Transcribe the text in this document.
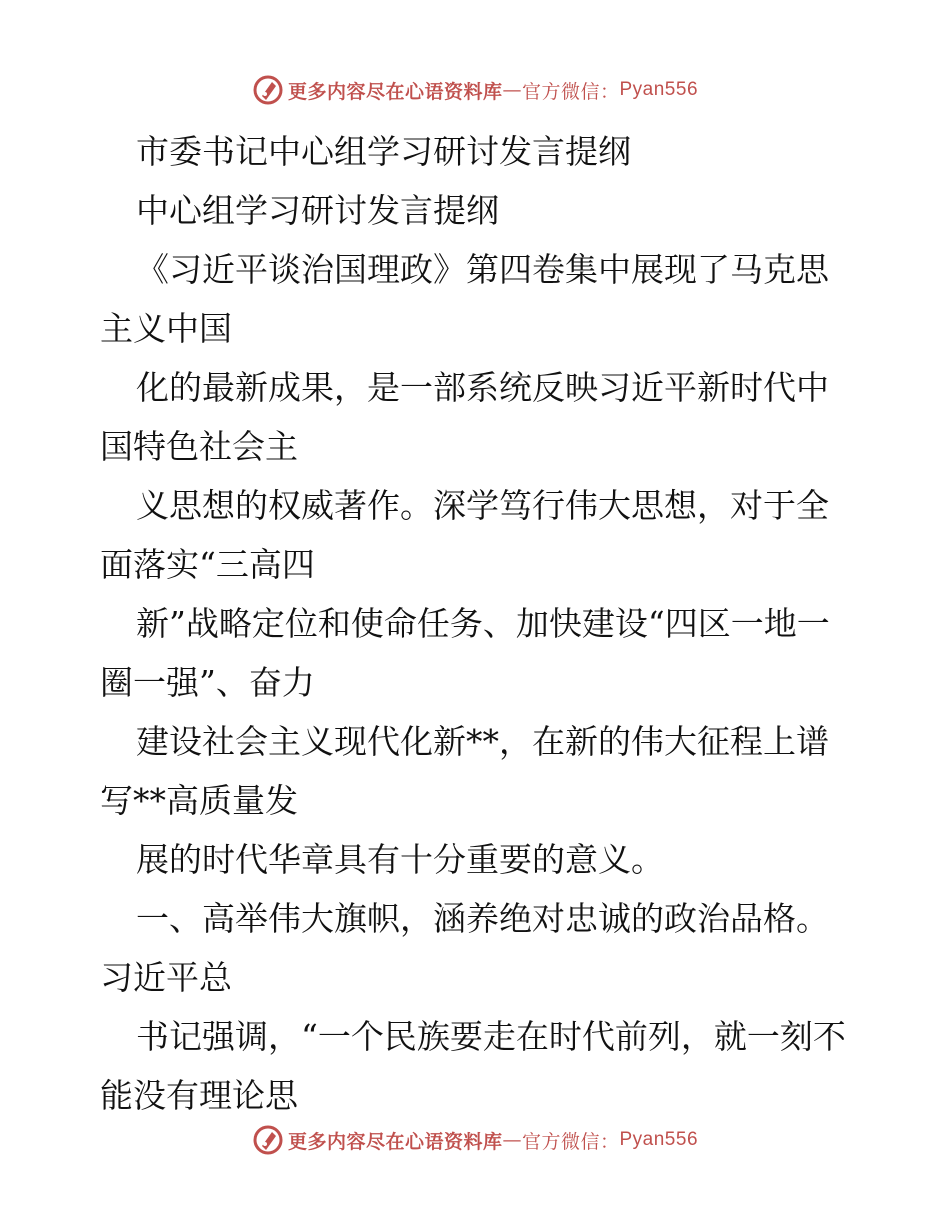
更多内容尽在心语资料库 — 官方微信： Pyan556

市委书记中心组学习研讨发言提纲

中心组学习研讨发言提纲

《习近平谈治国理政》第四卷集中展现了马克思主义中国

化的最新成果，是一部系统反映习近平新时代中国特色社会主

义思想的权威著作。深学笃行伟大思想，对于全面落实“三高四

新”战略定位和使命任务、加快建设“四区一地一圈一强”、奋力

建设社会主义现代化新**，在新的伟大征程上谱写**高质量发

展的时代华章具有十分重要的意义。

一、高举伟大旗帜，涵养绝对忠诚的政治品格。习近平总

书记强调，“一个民族要走在时代前列，就一刻不能没有理论思

更多内容尽在心语资料库 — 官方微信： Pyan556
